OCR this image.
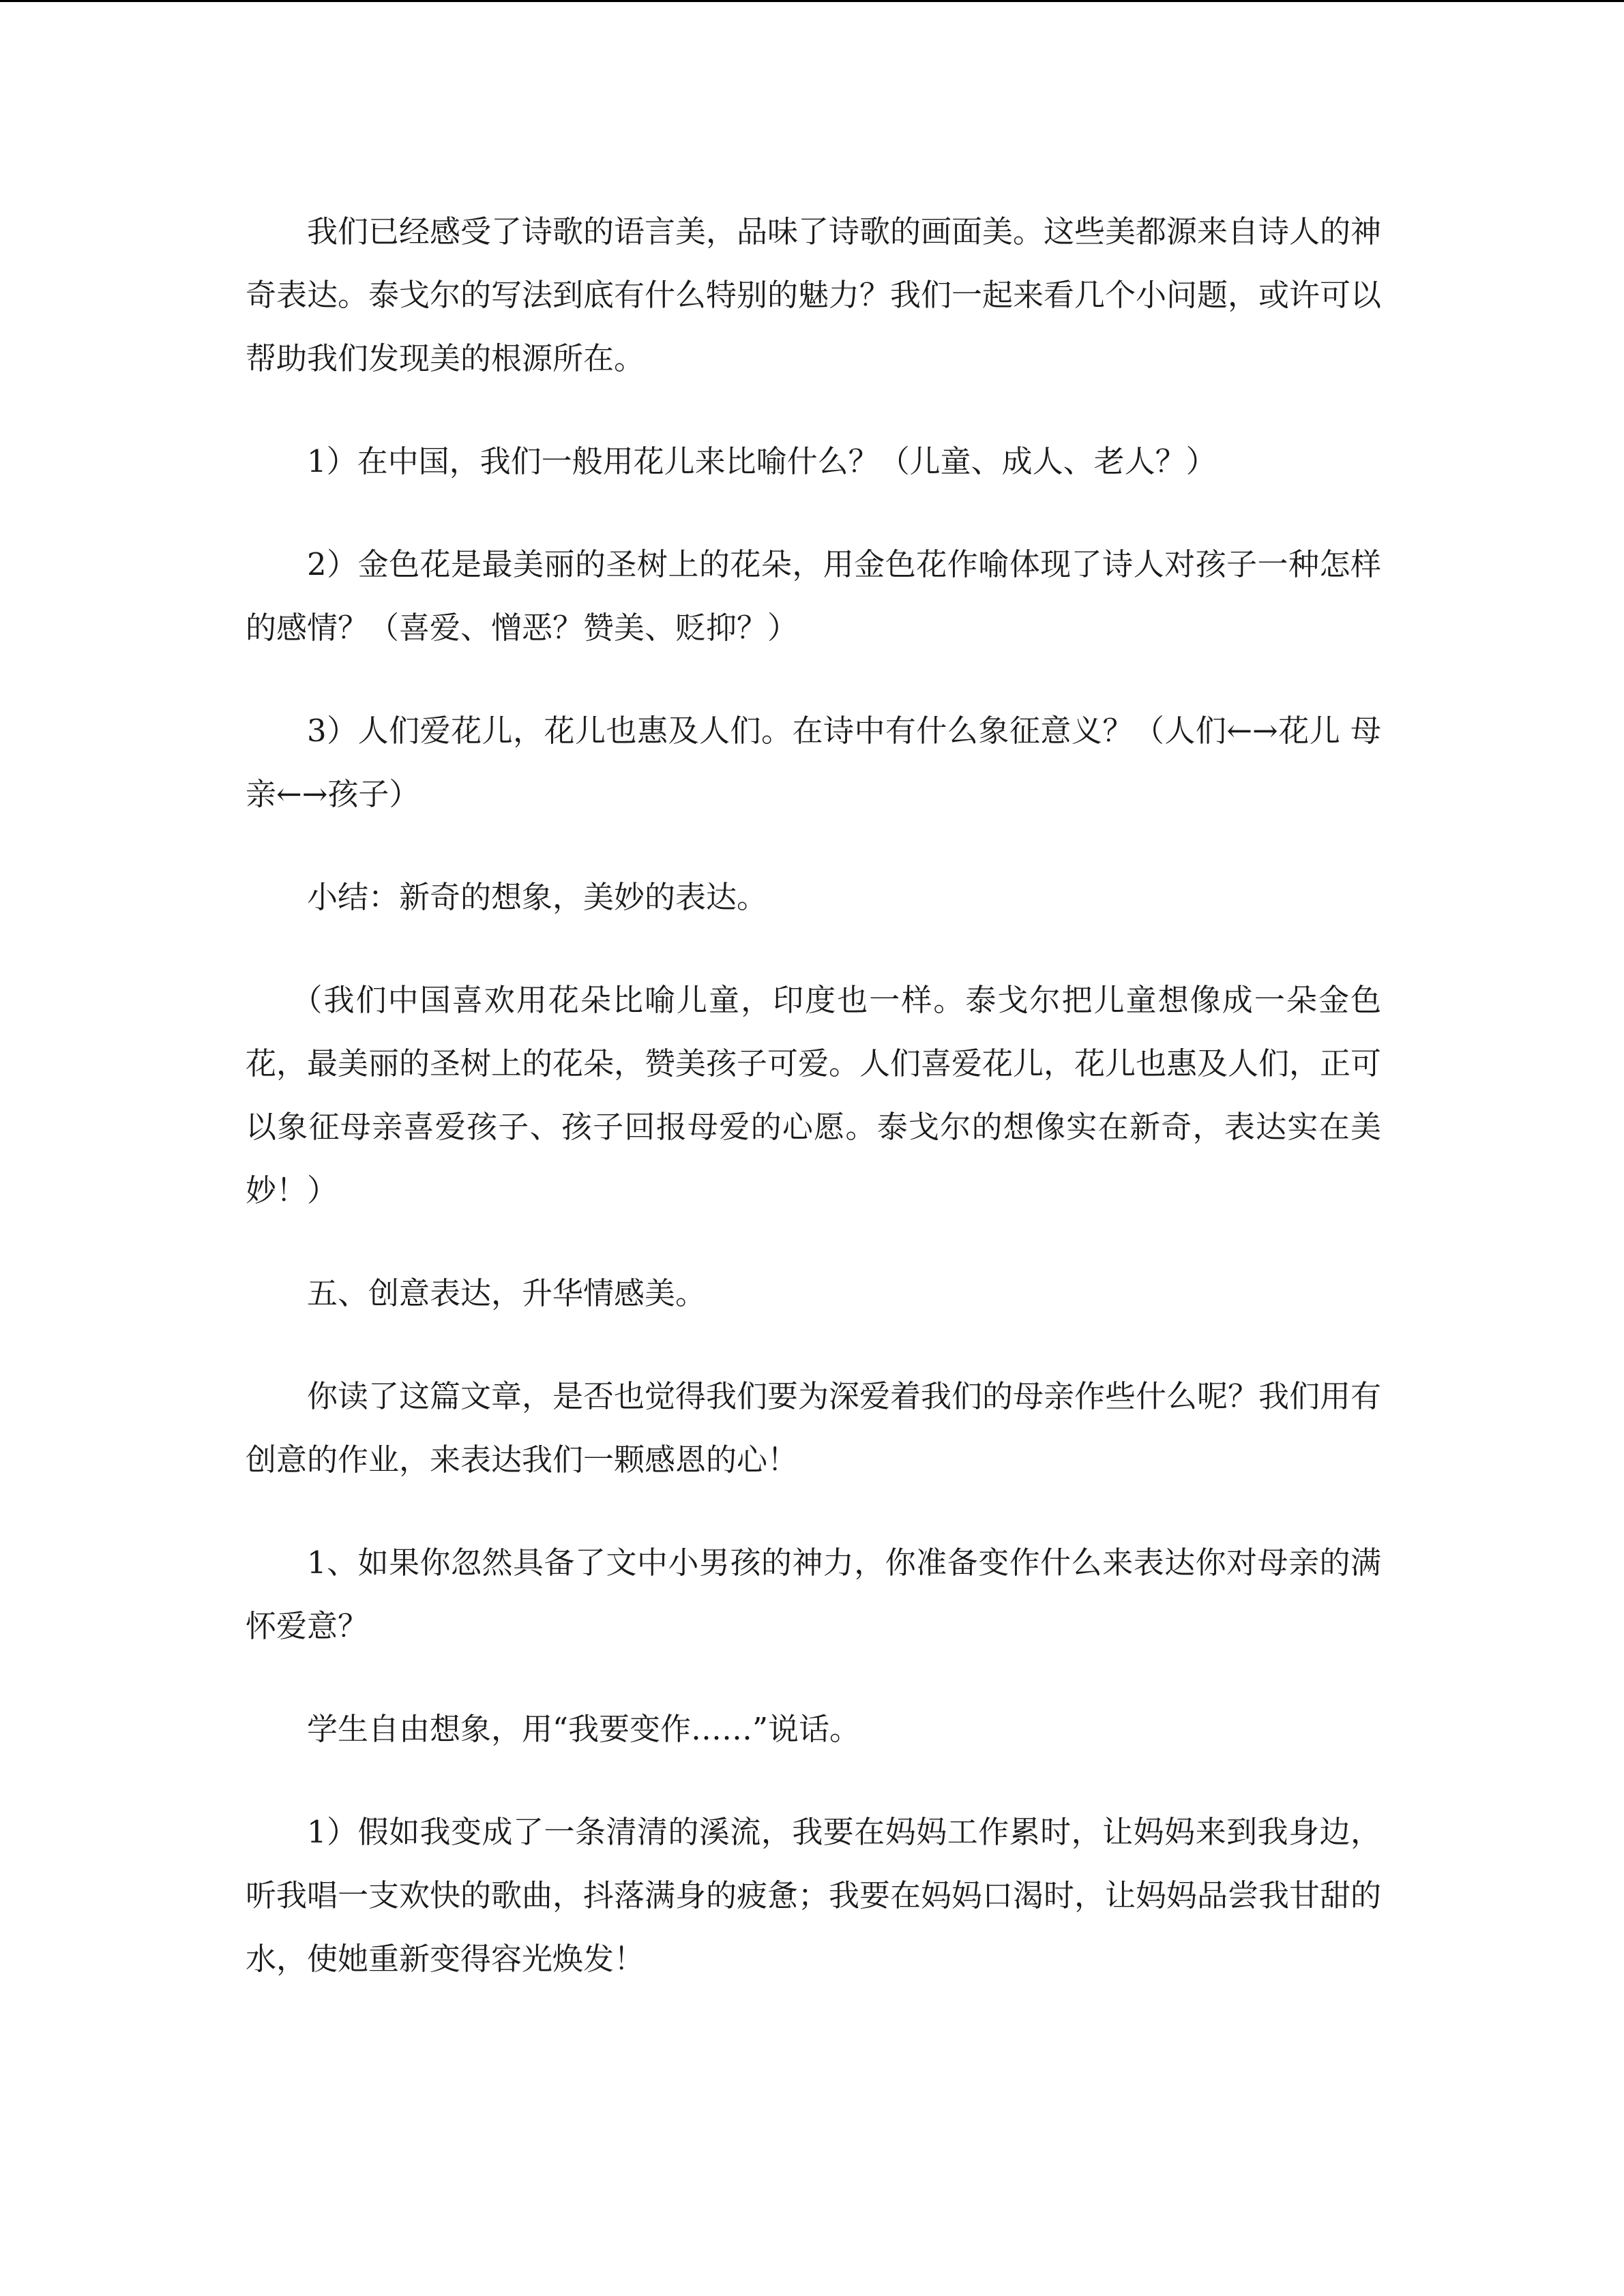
我们已经感受了诗歌的语言美，品味了诗歌的画面美。这些美都源来自诗人的神奇表达。泰戈尔的写法到底有什么特别的魅力？我们一起来看几个小问题，或许可以帮助我们发现美的根源所在。

1）在中国，我们一般用花儿来比喻什么？（儿童、成人、老人？）

2）金色花是最美丽的圣树上的花朵，用金色花作喻体现了诗人对孩子一种怎样的感情？（喜爱、憎恶？赞美、贬抑？）

3）人们爱花儿，花儿也惠及人们。在诗中有什么象征意义？（人们←→花儿 母亲←→孩子）

小结：新奇的想象，美妙的表达。

（我们中国喜欢用花朵比喻儿童，印度也一样。泰戈尔把儿童想像成一朵金色花，最美丽的圣树上的花朵，赞美孩子可爱。人们喜爱花儿，花儿也惠及人们，正可以象征母亲喜爱孩子、孩子回报母爱的心愿。泰戈尔的想像实在新奇，表达实在美妙！）

五、创意表达，升华情感美。

你读了这篇文章，是否也觉得我们要为深爱着我们的母亲作些什么呢？我们用有创意的作业，来表达我们一颗感恩的心！

1、如果你忽然具备了文中小男孩的神力，你准备变作什么来表达你对母亲的满怀爱意？

学生自由想象，用“我要变作……”说话。

1）假如我变成了一条清清的溪流，我要在妈妈工作累时，让妈妈来到我身边，听我唱一支欢快的歌曲，抖落满身的疲惫；我要在妈妈口渴时，让妈妈品尝我甘甜的水，使她重新变得容光焕发！
